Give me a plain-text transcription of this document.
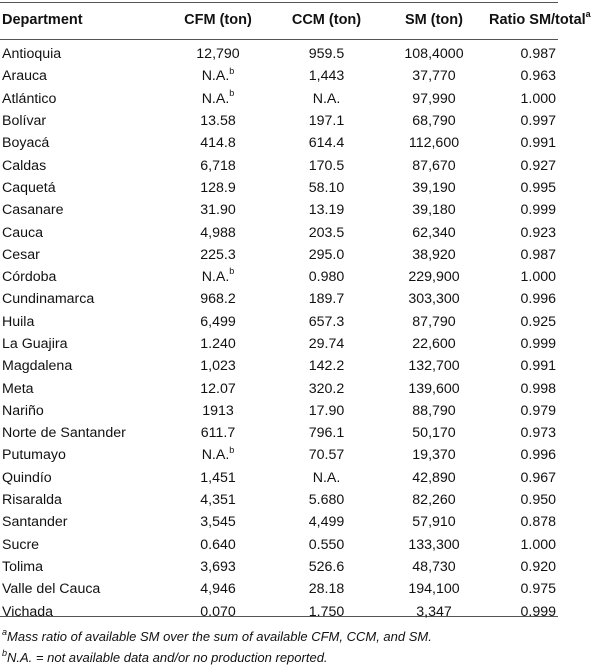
Department	CFM (ton)	CCM (ton)	SM (ton)	Ratio SM/total$^a$
Antioquia	12,790	959.5	108,4000	0.987
Arauca	N.A.$^b$	1,443	37,770	0.963
Atlántico	N.A.$^b$	N.A.	97,990	1.000
Bolívar	13.58	197.1	68,790	0.997
Boyacá	414.8	614.4	112,600	0.991
Caldas	6,718	170.5	87,670	0.927
Caquetá	128.9	58.10	39,190	0.995
Casanare	31.90	13.19	39,180	0.999
Cauca	4,988	203.5	62,340	0.923
Cesar	225.3	295.0	38,920	0.987
Córdoba	N.A.$^b$	0.980	229,900	1.000
Cundinamarca	968.2	189.7	303,300	0.996
Huila	6,499	657.3	87,790	0.925
La Guajira	1.240	29.74	22,600	0.999
Magdalena	1,023	142.2	132,700	0.991
Meta	12.07	320.2	139,600	0.998
Nariño	1913	17.90	88,790	0.979
Norte de Santander	611.7	796.1	50,170	0.973
Putumayo	N.A.$^b$	70.57	19,370	0.996
Quindío	1,451	N.A.	42,890	0.967
Risaralda	4,351	5.680	82,260	0.950
Santander	3,545	4,499	57,910	0.878
Sucre	0.640	0.550	133,300	1.000
Tolima	3,693	526.6	48,730	0.920
Valle del Cauca	4,946	28.18	194,100	0.975
Vichada	0.070	1.750	3,347	0.999
$^a$Mass ratio of available SM over the sum of available CFM, CCM, and SM.
$^b$N.A. = not available data and/or no production reported.
